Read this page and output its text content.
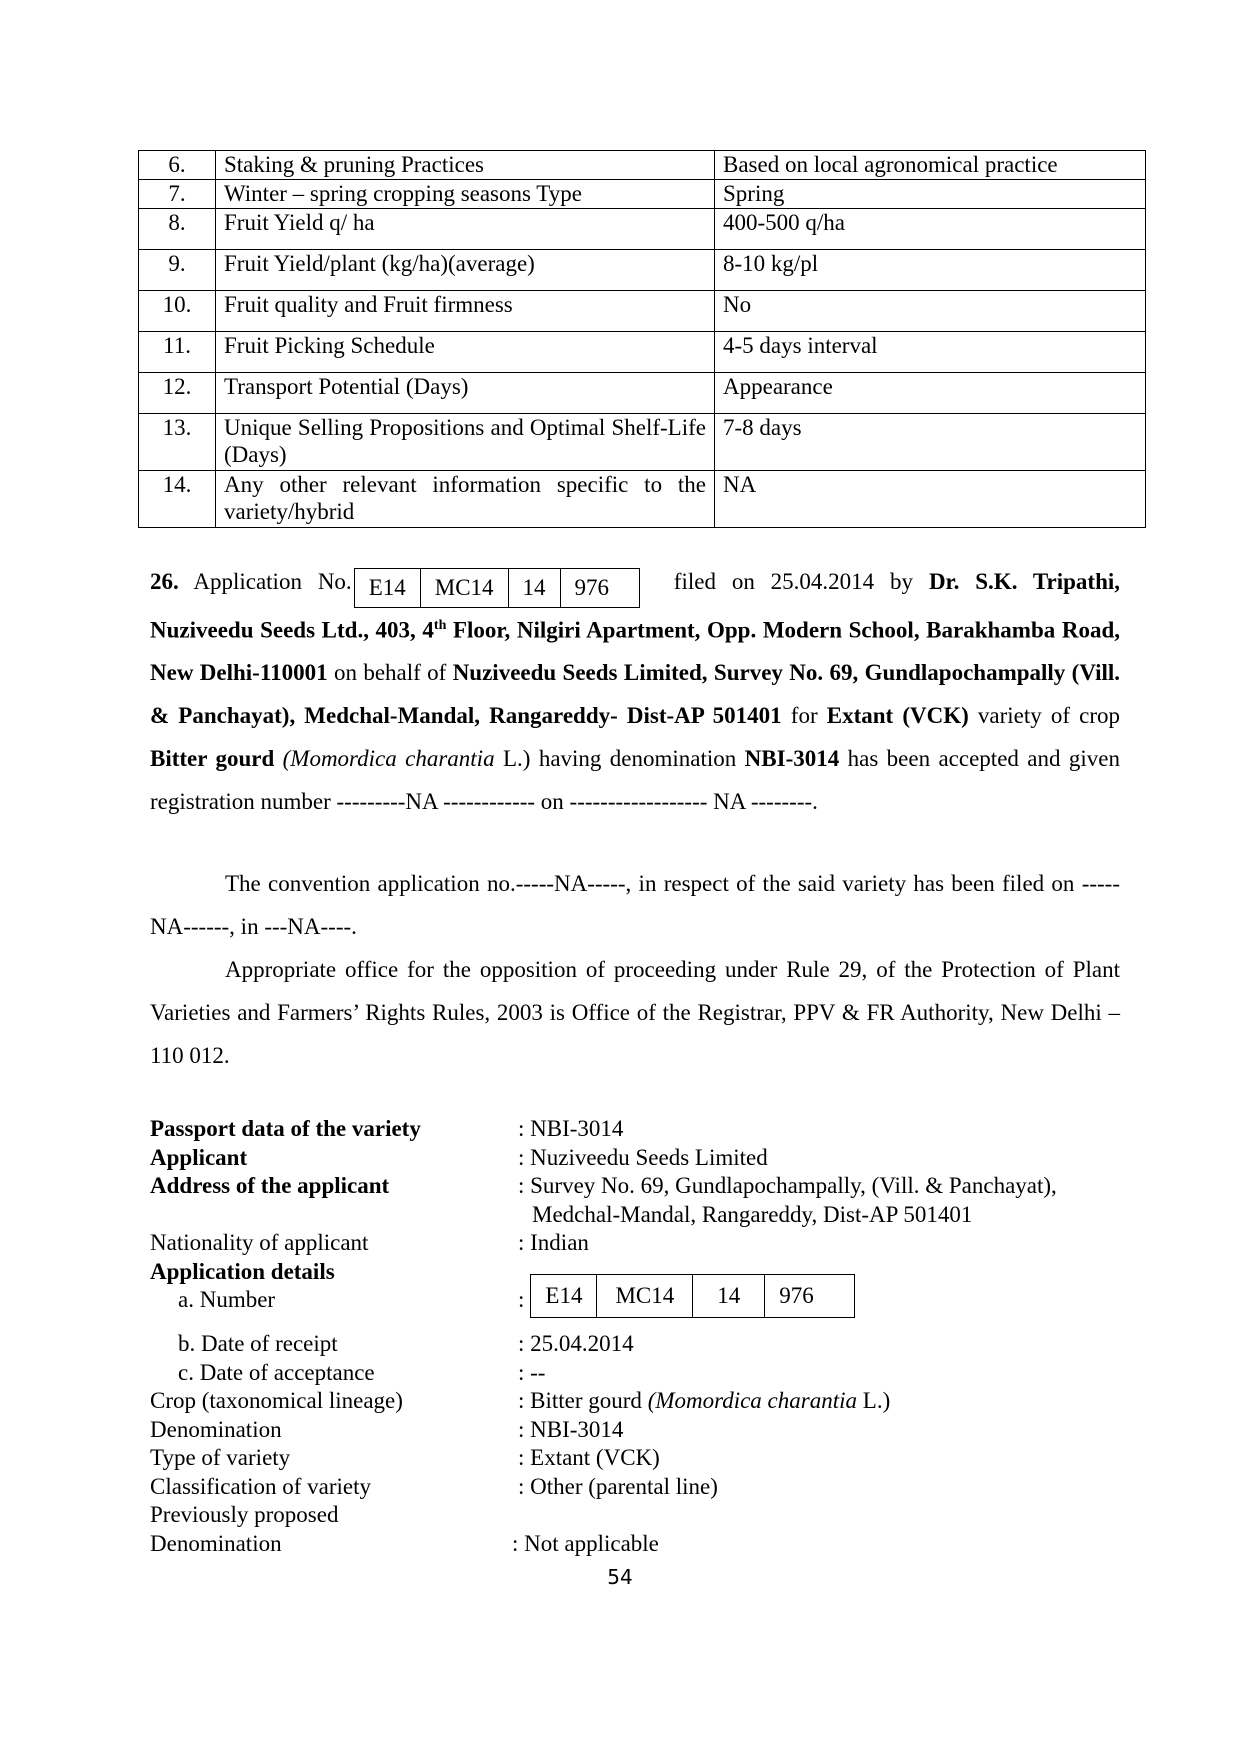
6.	Staking & pruning Practices	Based on local agronomical practice
7.	Winter – spring cropping seasons Type	Spring
8.	Fruit Yield q/ ha	400-500 q/ha
9.	Fruit Yield/plant (kg/ha)(average)	8-10 kg/pl
10.	Fruit quality and Fruit firmness	No
11.	Fruit Picking Schedule	4-5 days interval
12.	Transport Potential (Days)	Appearance
13.	Unique Selling Propositions and Optimal Shelf-Life (Days)	7-8 days
14.	Any other relevant information specific to the variety/hybrid	NA
26. Application No. E14	MC14	14	976	filed on 25.04.2014 by Dr. S.K. Tripathi, Nuziveedu Seeds Ltd., 403, 4th Floor, Nilgiri Apartment, Opp. Modern School, Barakhamba Road, New Delhi-110001 on behalf of Nuziveedu Seeds Limited, Survey No. 69, Gundlapochampally (Vill. & Panchayat), Medchal-Mandal, Rangareddy- Dist-AP 501401 for Extant (VCK) variety of crop Bitter gourd (Momordica charantia L.) having denomination NBI-3014 has been accepted and given registration number ---------NA ------------ on ------------------ NA --------.
The convention application no.-----NA-----, in respect of the said variety has been filed on -----NA------, in ---NA----.
Appropriate office for the opposition of proceeding under Rule 29, of the Protection of Plant Varieties and Farmers’ Rights Rules, 2003 is Office of the Registrar, PPV & FR Authority, New Delhi – 110 012.
Passport data of the variety	: NBI-3014
Applicant	: Nuziveedu Seeds Limited
Address of the applicant	: Survey No. 69, Gundlapochampally, (Vill. & Panchayat),
Medchal-Mandal, Rangareddy, Dist-AP 501401
Nationality of applicant	: Indian
Application details
a. Number	: E14	MC14	14	976
b. Date of receipt	: 25.04.2014
c. Date of acceptance	: --
Crop (taxonomical lineage)	: Bitter gourd (Momordica charantia L.)
Denomination	: NBI-3014
Type of variety	: Extant (VCK)
Classification of variety	: Other (parental line)
Previously proposed
Denomination	: Not applicable
54
